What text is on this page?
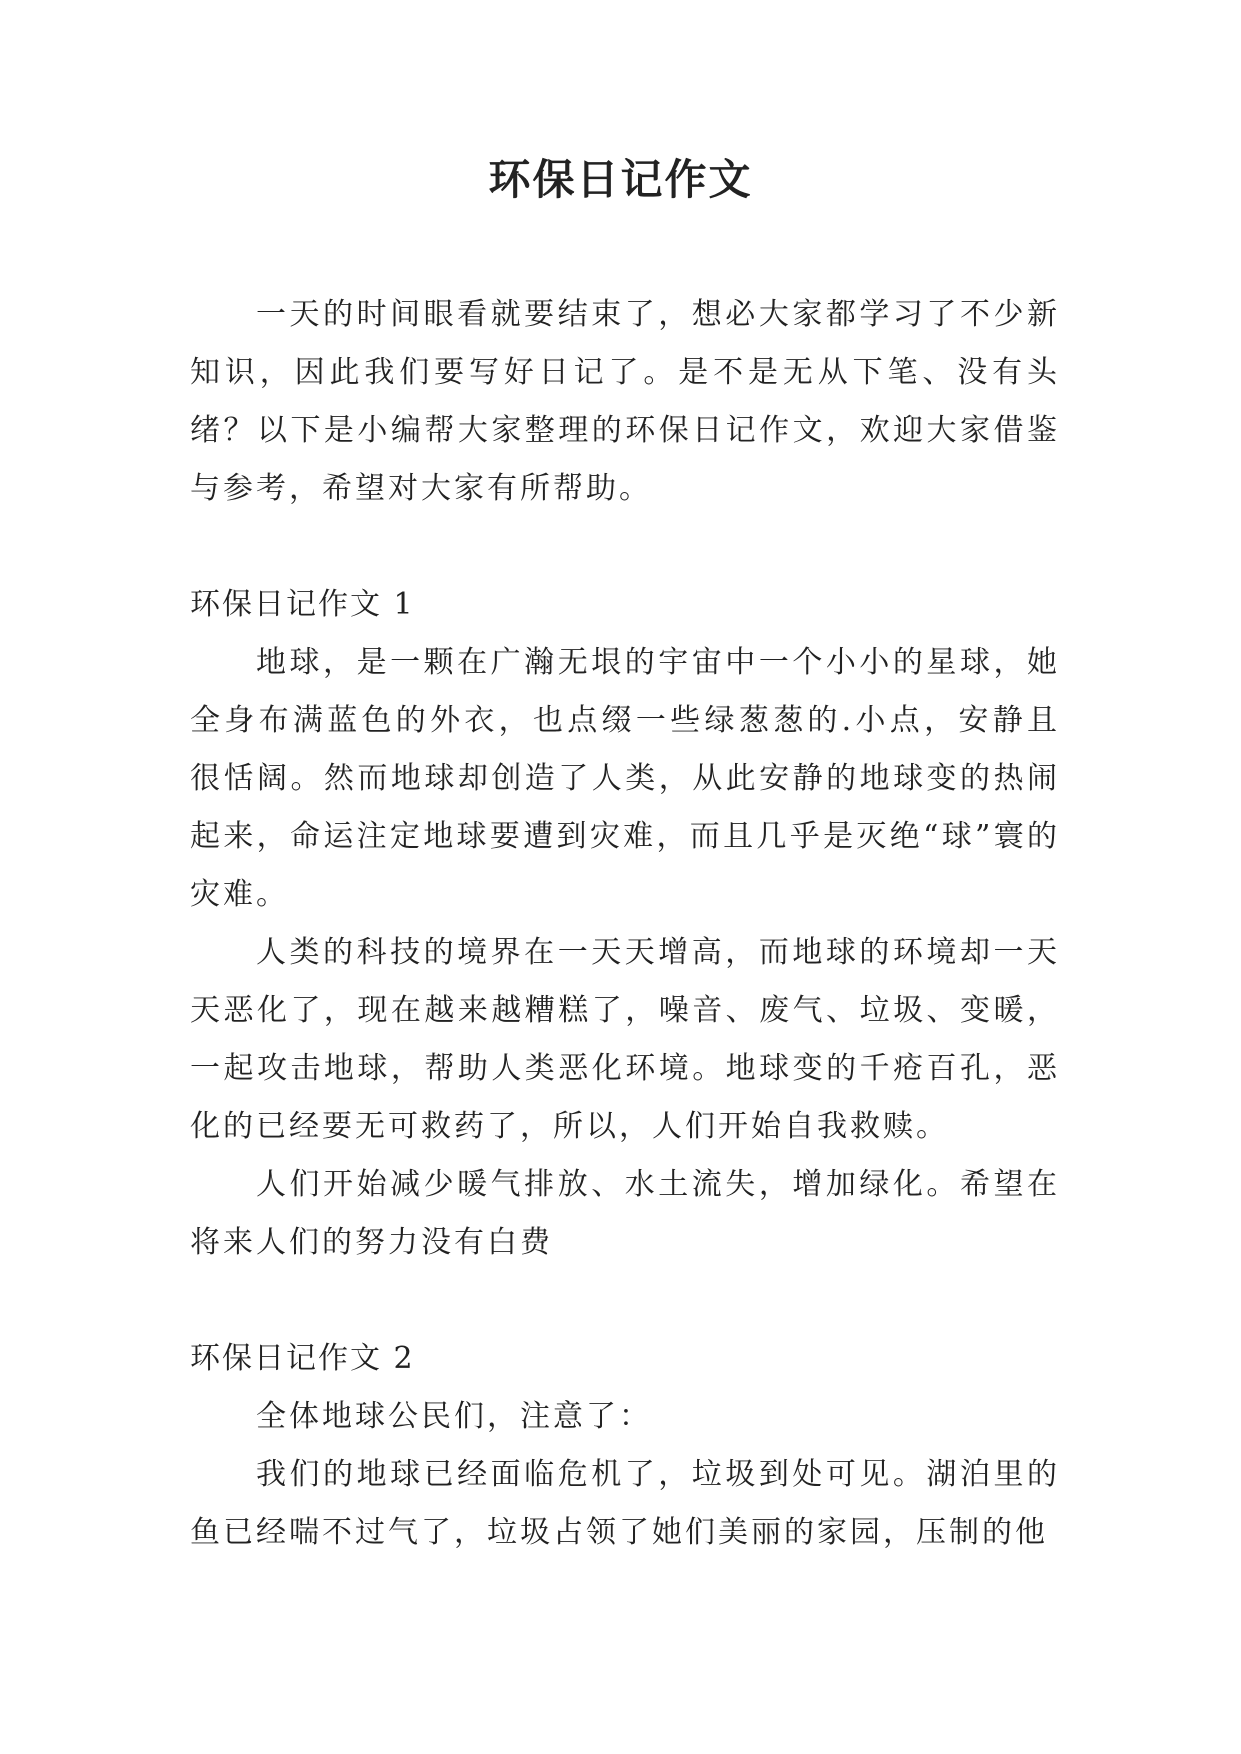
环保日记作文

一天的时间眼看就要结束了，想必大家都学习了不少新知识，因此我们要写好日记了。是不是无从下笔、没有头绪？以下是小编帮大家整理的环保日记作文，欢迎大家借鉴与参考，希望对大家有所帮助。

环保日记作文 1

地球，是一颗在广瀚无垠的宇宙中一个小小的星球，她全身布满蓝色的外衣，也点缀一些绿葱葱的.小点，安静且很恬阔。然而地球却创造了人类，从此安静的地球变的热闹起来，命运注定地球要遭到灾难，而且几乎是灭绝“球”寰的灾难。

人类的科技的境界在一天天增高，而地球的环境却一天天恶化了，现在越来越糟糕了，噪音、废气、垃圾、变暖，一起攻击地球，帮助人类恶化环境。地球变的千疮百孔，恶化的已经要无可救药了，所以，人们开始自我救赎。

人们开始减少暖气排放、水土流失，增加绿化。希望在将来人们的努力没有白费

环保日记作文 2

全体地球公民们，注意了：

我们的地球已经面临危机了，垃圾到处可见。湖泊里的鱼已经喘不过气了，垃圾占领了她们美丽的家园，压制的他
